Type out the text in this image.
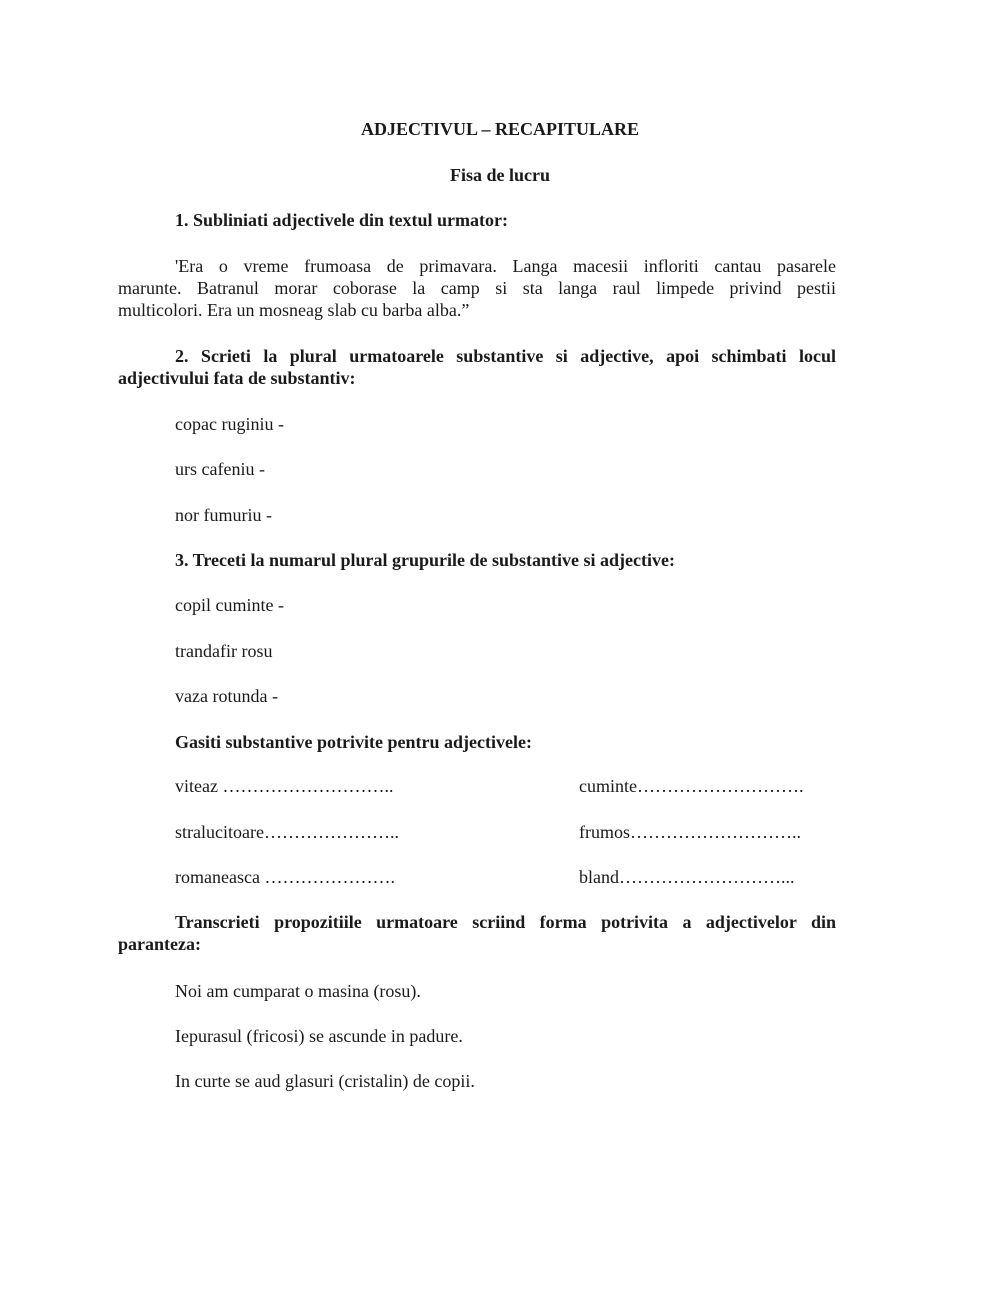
ADJECTIVUL – RECAPITULARE
Fisa de lucru
1. Subliniati adjectivele din textul urmator:
'Era o vreme frumoasa de primavara. Langa macesii infloriti cantau pasarele
marunte. Batranul morar coborase la camp si sta langa raul limpede privind pestii
multicolori. Era un mosneag slab cu barba alba.”
2. Scrieti la plural urmatoarele substantive si adjective, apoi schimbati locul
adjectivului fata de substantiv:
copac ruginiu -
urs cafeniu -
nor fumuriu -
3. Treceti la numarul plural grupurile de substantive si adjective:
copil cuminte -
trandafir rosu
vaza rotunda -
Gasiti substantive potrivite pentru adjectivele:
viteaz ………………………..	cuminte……………………….
stralucitoare…………………..	frumos………………………..
romaneasca ………………….	bland………………………...
Transcrieti propozitiile urmatoare scriind forma potrivita a adjectivelor din
paranteza:
Noi am cumparat o masina (rosu).
Iepurasul (fricosi) se ascunde in padure.
In curte se aud glasuri (cristalin) de copii.
